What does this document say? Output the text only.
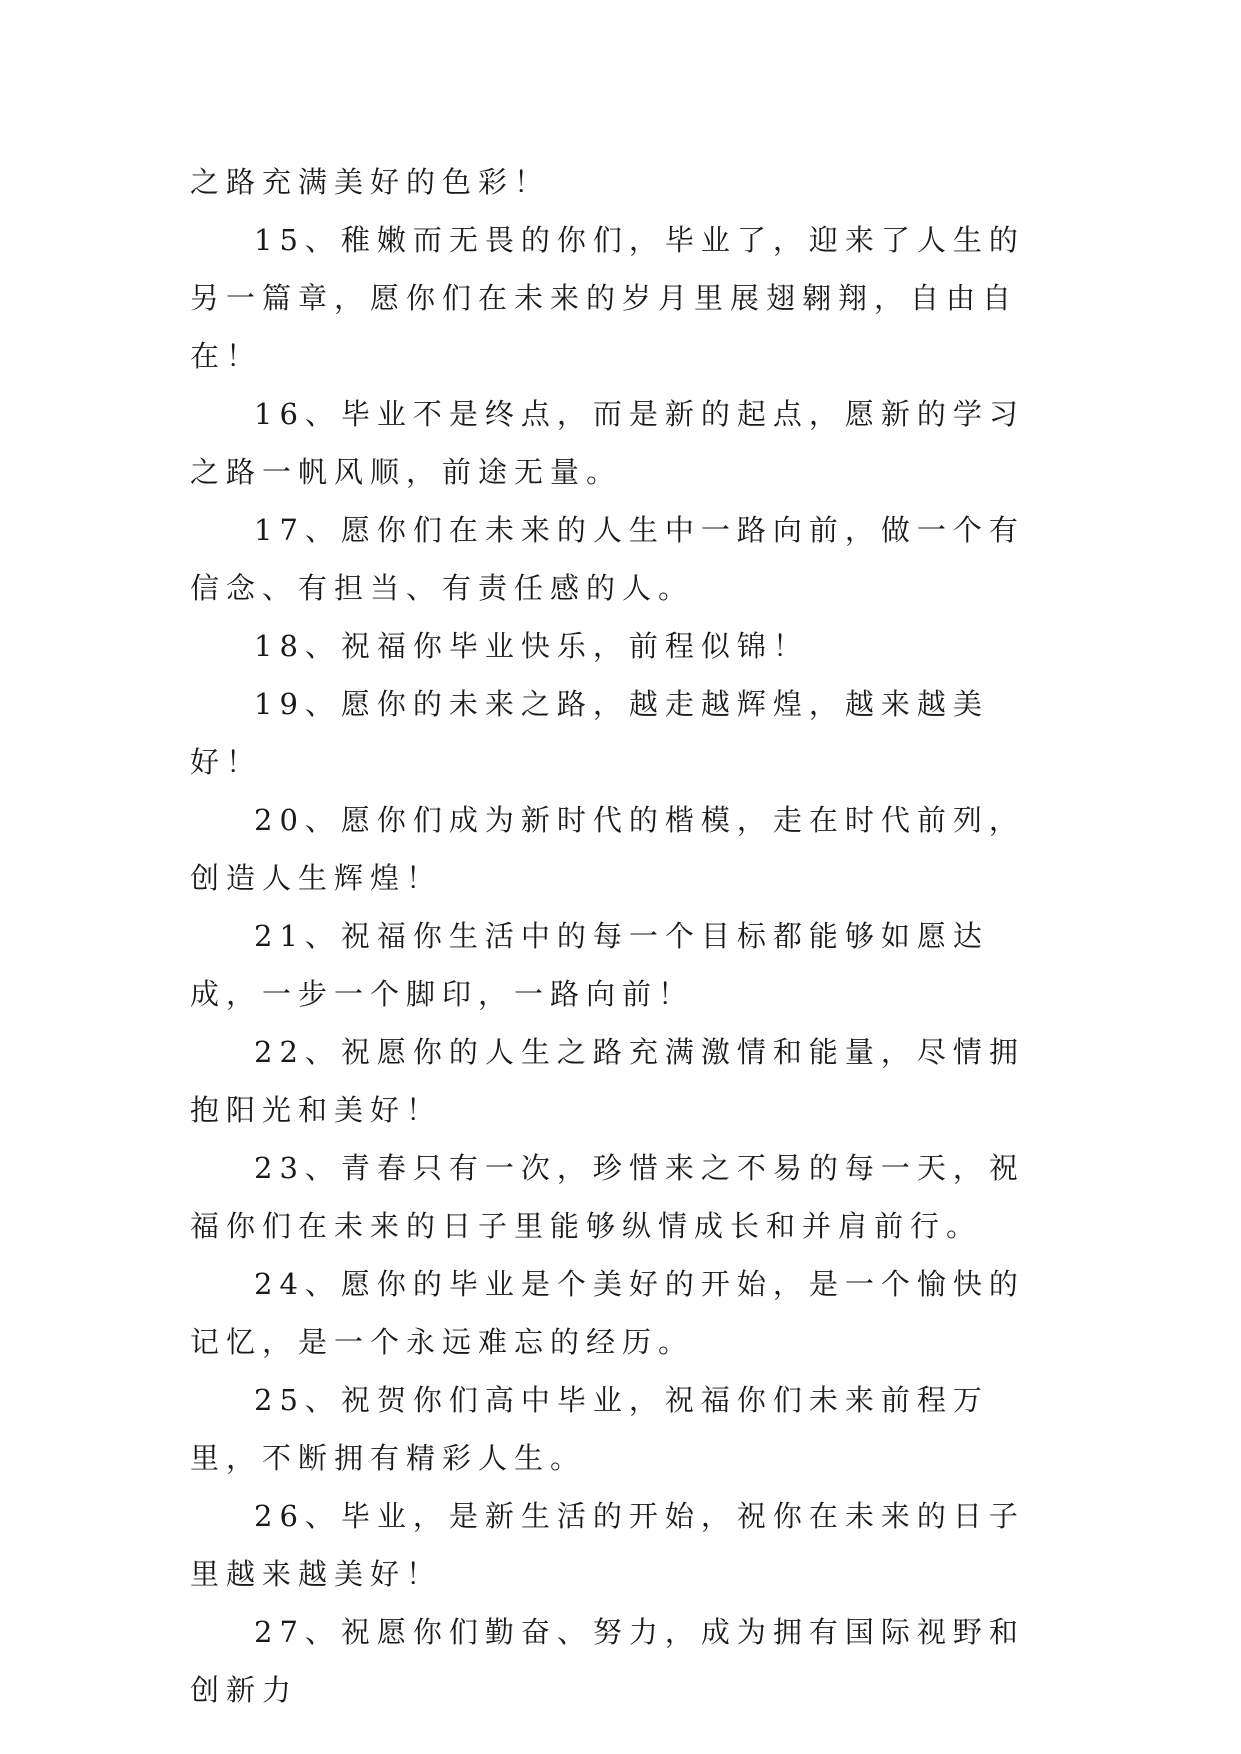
之路充满美好的色彩！

15、稚嫩而无畏的你们，毕业了，迎来了人生的另一篇章，愿你们在未来的岁月里展翅翱翔，自由自在！

16、毕业不是终点，而是新的起点，愿新的学习之路一帆风顺，前途无量。

17、愿你们在未来的人生中一路向前，做一个有信念、有担当、有责任感的人。

18、祝福你毕业快乐，前程似锦！

19、愿你的未来之路，越走越辉煌，越来越美好！

20、愿你们成为新时代的楷模，走在时代前列，创造人生辉煌！

21、祝福你生活中的每一个目标都能够如愿达成，一步一个脚印，一路向前！

22、祝愿你的人生之路充满激情和能量，尽情拥抱阳光和美好！

23、青春只有一次，珍惜来之不易的每一天，祝福你们在未来的日子里能够纵情成长和并肩前行。

24、愿你的毕业是个美好的开始，是一个愉快的记忆，是一个永远难忘的经历。

25、祝贺你们高中毕业，祝福你们未来前程万里，不断拥有精彩人生。

26、毕业，是新生活的开始，祝你在未来的日子里越来越美好！

27、祝愿你们勤奋、努力，成为拥有国际视野和创新力
